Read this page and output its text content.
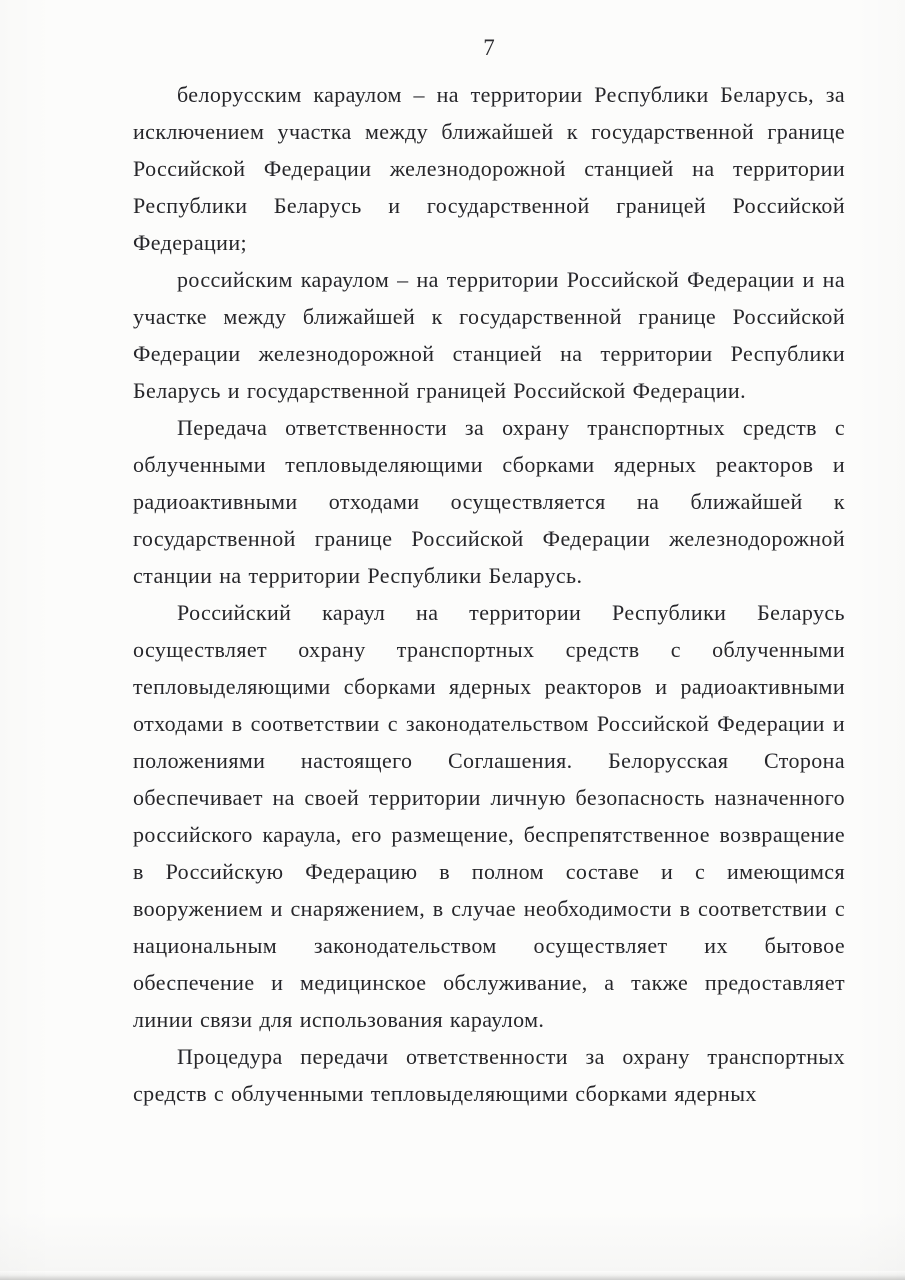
7

белорусским караулом – на территории Республики Беларусь, за исключением участка между ближайшей к государственной границе Российской Федерации железнодорожной станцией на территории Республики Беларусь и государственной границей Российской Федерации;

российским караулом – на территории Российской Федерации и на участке между ближайшей к государственной границе Российской Федерации железнодорожной станцией на территории Республики Беларусь и государственной границей Российской Федерации.

Передача ответственности за охрану транспортных средств с облученными тепловыделяющими сборками ядерных реакторов и радиоактивными отходами осуществляется на ближайшей к государственной границе Российской Федерации железнодорожной станции на территории Республики Беларусь.

Российский караул на территории Республики Беларусь осуществляет охрану транспортных средств с облученными тепловыделяющими сборками ядерных реакторов и радиоактивными отходами в соответствии с законодательством Российской Федерации и положениями настоящего Соглашения. Белорусская Сторона обеспечивает на своей территории личную безопасность назначенного российского караула, его размещение, беспрепятственное возвращение в Российскую Федерацию в полном составе и с имеющимся вооружением и снаряжением, в случае необходимости в соответствии с национальным законодательством осуществляет их бытовое обеспечение и медицинское обслуживание, а также предоставляет линии связи для использования караулом.

Процедура передачи ответственности за охрану транспортных средств с облученными тепловыделяющими сборками ядерных
